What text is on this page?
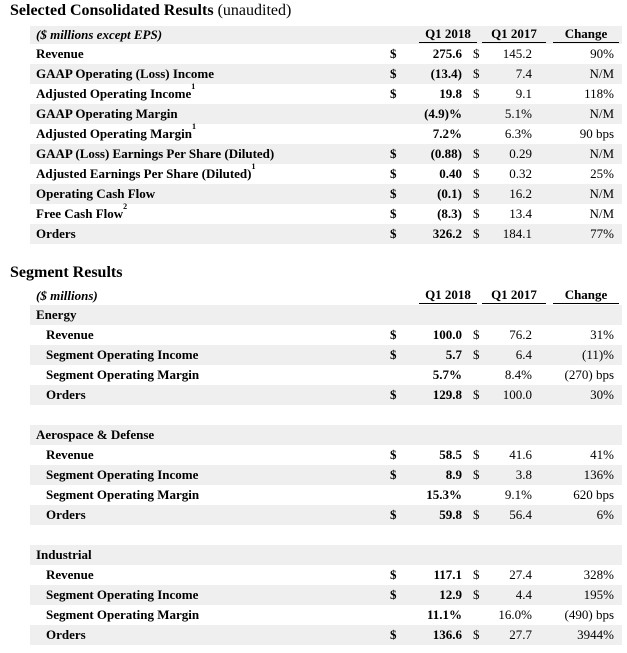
Selected Consolidated Results (unaudited)
($ millions except EPS)	Q1 2018	Q1 2017	Change
Revenue	$	275.6 $ 145.2	90%
GAAP Operating (Loss) Income	$	(13.4) $	7.4	N/M
Adjusted Operating Income$^1$	$	19.8 $	9.1	118%
GAAP Operating Margin	(4.9)%	5.1%	N/M
Adjusted Operating Margin$^1$	7.2%	6.3%	90 bps
GAAP (Loss) Earnings Per Share (Diluted)	$	(0.88) $ 0.29	N/M
Adjusted Earnings Per Share (Diluted)$^1$	$	0.40 $ 0.32	25%
Operating Cash Flow	$	(0.1) $ 16.2	N/M
Free Cash Flow$^2$	$	(8.3) $ 13.4	N/M
Orders	$	326.2 $ 184.1	77%
Segment Results
($ millions)	Q1 2018	Q1 2017	Change
Energy
Revenue	$	100.0 $ 76.2	31%
Segment Operating Income	$	5.7 $	6.4	(11)%
Segment Operating Margin	5.7%	8.4%	(270) bps
Orders	$	129.8 $ 100.0	30%
Aerospace & Defense
Revenue	$	58.5 $ 41.6	41%
Segment Operating Income	$	8.9 $	3.8	136%
Segment Operating Margin	15.3%	9.1%	620 bps
Orders	$	59.8 $ 56.4	6%
Industrial
Revenue	$	117.1 $ 27.4	328%
Segment Operating Income	$	12.9 $	4.4	195%
Segment Operating Margin	11.1%	16.0%	(490) bps
Orders	$	136.6 $ 27.7	3944%
